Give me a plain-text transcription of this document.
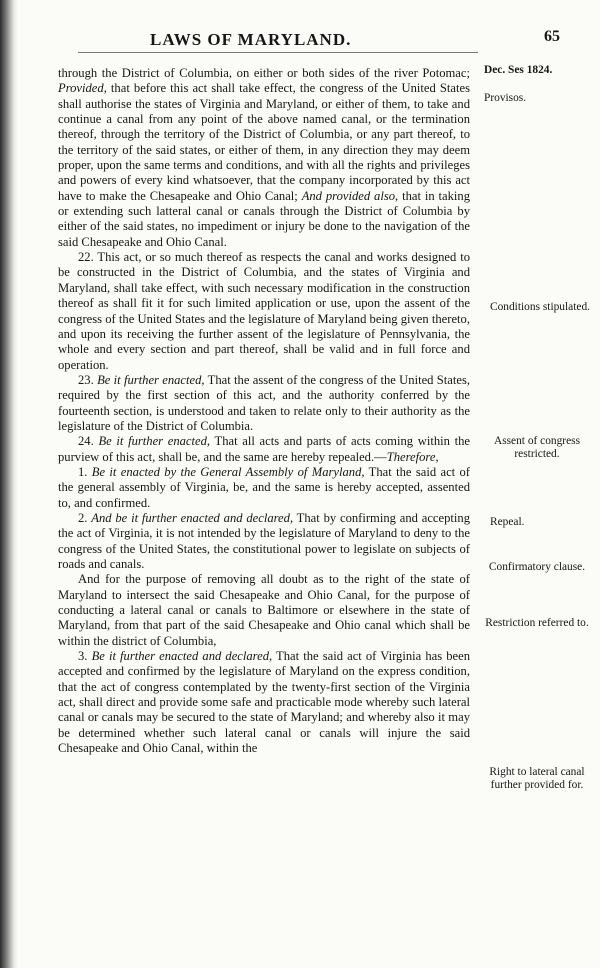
LAWS OF MARYLAND.	65

through the District of Columbia, on either or both sides of the river Potomac; Provided, that before this act shall take effect, the congress of the United States shall authorise the states of Virginia and Maryland, or either of them, to take and continue a canal from any point of the above named canal, or the termination thereof, through the territory of the District of Columbia, or any part thereof, to the territory of the said states, or either of them, in any direction they may deem proper, upon the same terms and conditions, and with all the rights and privileges and powers of every kind whatsoever, that the company incorporated by this act have to make the Chesapeake and Ohio Canal; And provided also, that in taking or extending such latteral canal or canals through the District of Columbia by either of the said states, no impediment or injury be done to the navigation of the said Chesapeake and Ohio Canal.

22. This act, or so much thereof as respects the canal and works designed to be constructed in the District of Columbia, and the states of Virginia and Maryland, shall take effect, with such necessary modification in the construction thereof as shall fit it for such limited application or use, upon the assent of the congress of the United States and the legislature of Maryland being given thereto, and upon its receiving the further assent of the legislature of Pennsylvania, the whole and every section and part thereof, shall be valid and in full force and operation.

23. Be it further enacted, That the assent of the congress of the United States, required by the first section of this act, and the authority conferred by the fourteenth section, is understood and taken to relate only to their authority as the legislature of the District of Columbia.

24. Be it further enacted, That all acts and parts of acts coming within the purview of this act, shall be, and the same are hereby repealed.—Therefore,

1. Be it enacted by the General Assembly of Maryland, That the said act of the general assembly of Virginia, be, and the same is hereby accepted, assented to, and confirmed.

2. And be it further enacted and declared, That by confirming and accepting the act of Virginia, it is not intended by the legislature of Maryland to deny to the congress of the United States, the constitutional power to legislate on subjects of roads and canals.

And for the purpose of removing all doubt as to the right of the state of Maryland to intersect the said Chesapeake and Ohio Canal, for the purpose of conducting a lateral canal or canals to Baltimore or elsewhere in the state of Maryland, from that part of the said Chesapeake and Ohio canal which shall be within the district of Columbia,

3. Be it further enacted and declared, That the said act of Virginia has been accepted and confirmed by the legislature of Maryland on the express condition, that the act of congress contemplated by the twenty-first section of the Virginia act, shall direct and provide some safe and practicable mode whereby such lateral canal or canals may be secured to the state of Maryland; and whereby also it may be determined whether such lateral canal or canals will injure the said Chesapeake and Ohio Canal, within the

Dec. Ses 1824.
Provisos.
Conditions stipulated.
Assent of congress restricted.
Repeal.
Confirmatory clause.
Restriction referred to.
Right to lateral canal further provided for.
